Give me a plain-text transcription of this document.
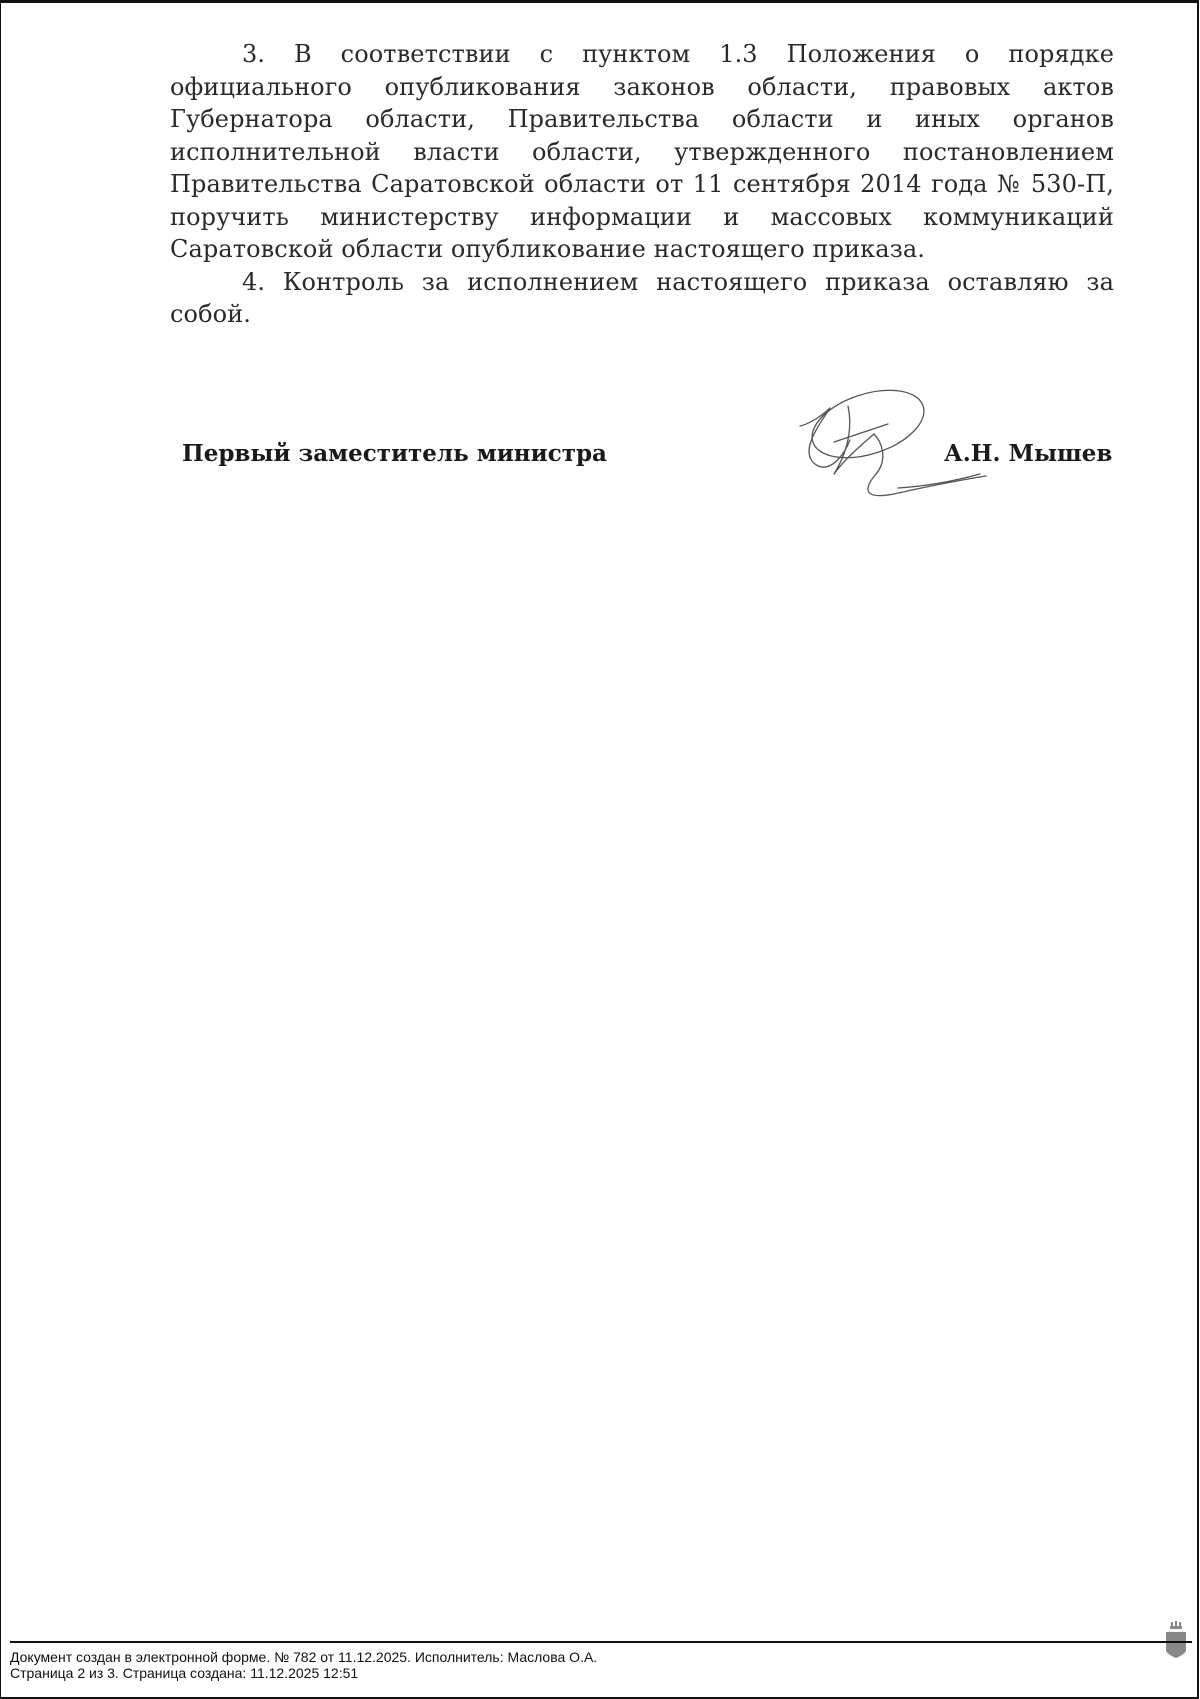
3. В соответствии с пунктом 1.3 Положения о порядке официального опубликования законов области, правовых актов Губернатора области, Правительства области и иных органов исполнительной власти области, утвержденного постановлением Правительства Саратовской области от 11 сентября 2014 года № 530-П, поручить министерству информации и массовых коммуникаций Саратовской области опубликование настоящего приказа.

4. Контроль за исполнением настоящего приказа оставляю за собой.

Первый заместитель министра	А.Н. Мышев
Документ создан в электронной форме. № 782 от 11.12.2025. Исполнитель: Маслова О.А.
Страница 2 из 3. Страница создана: 11.12.2025 12:51
